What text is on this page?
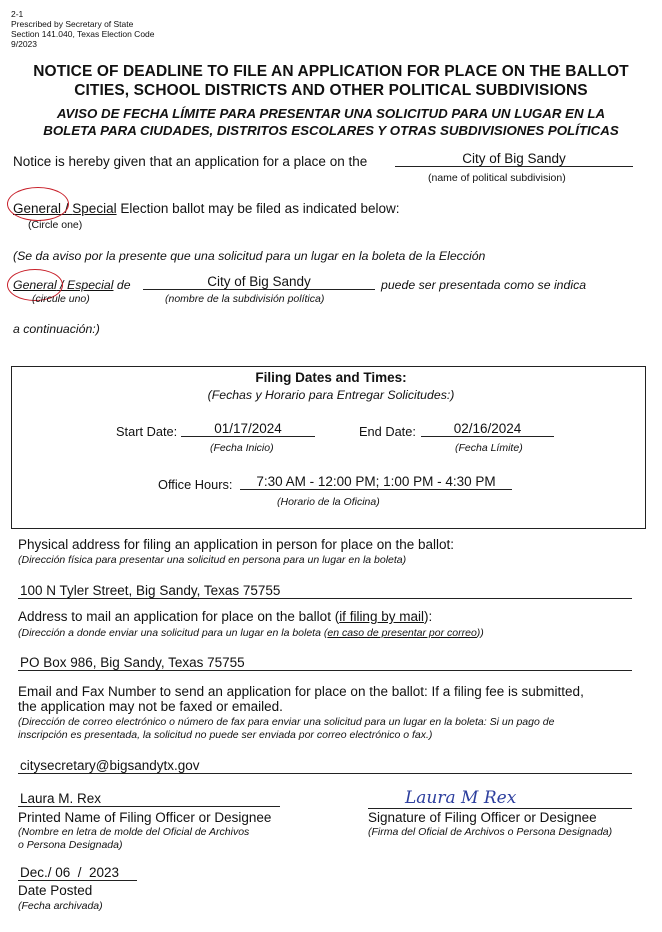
2-1
Prescribed by Secretary of State
Section 141.040, Texas Election Code
9/2023
NOTICE OF DEADLINE TO FILE AN APPLICATION FOR PLACE ON THE BALLOT
CITIES, SCHOOL DISTRICTS AND OTHER POLITICAL SUBDIVISIONS
AVISO DE FECHA LÍMITE PARA PRESENTAR UNA SOLICITUD PARA UN LUGAR EN LA
BOLETA PARA CIUDADES, DISTRITOS ESCOLARES Y OTRAS SUBDIVISIONES POLÍTICAS
Notice is hereby given that an application for a place on the	City of Big Sandy
(name of political subdivision)
General / Special Election ballot may be filed as indicated below:
(Circle one)
(Se da aviso por la presente que una solicitud para un lugar en la boleta de la Elección
General / Especial de	City of Big Sandy	puede ser presentada como se indica
(circule uno)	(nombre de la subdivisión política)
a continuación:)
Filing Dates and Times:
(Fechas y Horario para Entregar Solicitudes:)
Start Date:	01/17/2024
(Fecha Inicio)
End Date:	02/16/2024
(Fecha Límite)
Office Hours:	7:30 AM - 12:00 PM; 1:00 PM - 4:30 PM
(Horario de la Oficina)
Physical address for filing an application in person for place on the ballot:
(Dirección física para presentar una solicitud en persona para un lugar en la boleta)
100 N Tyler Street, Big Sandy, Texas 75755
Address to mail an application for place on the ballot (if filing by mail):
(Dirección a donde enviar una solicitud para un lugar en la boleta (en caso de presentar por correo))
PO Box 986, Big Sandy, Texas 75755
Email and Fax Number to send an application for place on the ballot: If a filing fee is submitted,
the application may not be faxed or emailed.
(Dirección de correo electrónico o número de fax para enviar una solicitud para un lugar en la boleta: Si un pago de
inscripción es presentada, la solicitud no puede ser enviada por correo electrónico o fax.)
citysecretary@bigsandytx.gov
Laura M. Rex
Printed Name of Filing Officer or Designee
(Nombre en letra de molde del Oficial de Archivos
o Persona Designada)
Laura M Rex
Signature of Filing Officer or Designee
(Firma del Oficial de Archivos o Persona Designada)
Dec./ 06  /  2023
Date Posted
(Fecha archivada)
